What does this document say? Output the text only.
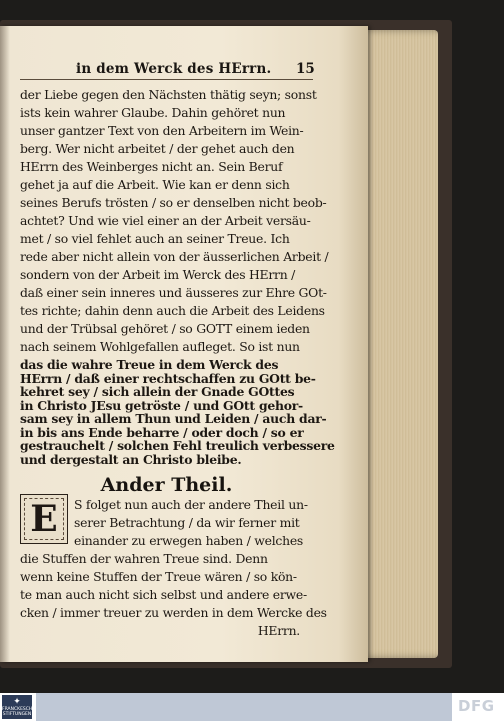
in dem Werck des HErrn. 15
der Liebe gegen den Nächsten thätig seyn; sonst
ists kein wahrer Glaube. Dahin gehöret nun
unser gantzer Text von den Arbeitern im Wein-
berg. Wer nicht arbeitet / der gehet auch den
HErrn des Weinberges nicht an. Sein Beruf
gehet ja auf die Arbeit. Wie kan er denn sich
seines Berufs trösten / so er denselben nicht beob-
achtet? Und wie viel einer an der Arbeit versäu-
met / so viel fehlet auch an seiner Treue. Ich
rede aber nicht allein von der äusserlichen Arbeit /
sondern von der Arbeit im Werck des HErrn /
daß einer sein inneres und äusseres zur Ehre GOt-
tes richte; dahin denn auch die Arbeit des Leidens
und der Trübsal gehöret / so GOTT einem ieden
nach seinem Wohlgefallen aufleget. So ist nun
das die wahre Treue in dem Werck des
HErrn / daß einer rechtschaffen zu GOtt be-
kehret sey / sich allein der Gnade GOttes
in Christo JEsu getröste / und GOtt gehor-
sam sey in allem Thun und Leiden / auch dar-
in bis ans Ende beharre / oder doch / so er
Ander Theil.
E S folget nun auch der andere Theil un-
serer Betrachtung / da wir ferner mit
einander zu erwegen haben / welches
die Stuffen der wahren Treue sind. Denn
wenn keine Stuffen der Treue wären / so kön-
te man auch nicht sich selbst und andere erwe-
cken / immer treuer zu werden in dem Wercke des
HErrn.
✦
FRANCKESCHE
STIFTUNGEN	DFG
gestrauchelt / solchen Fehl treulich verbessere
und dergestalt an Christo bleibe.
